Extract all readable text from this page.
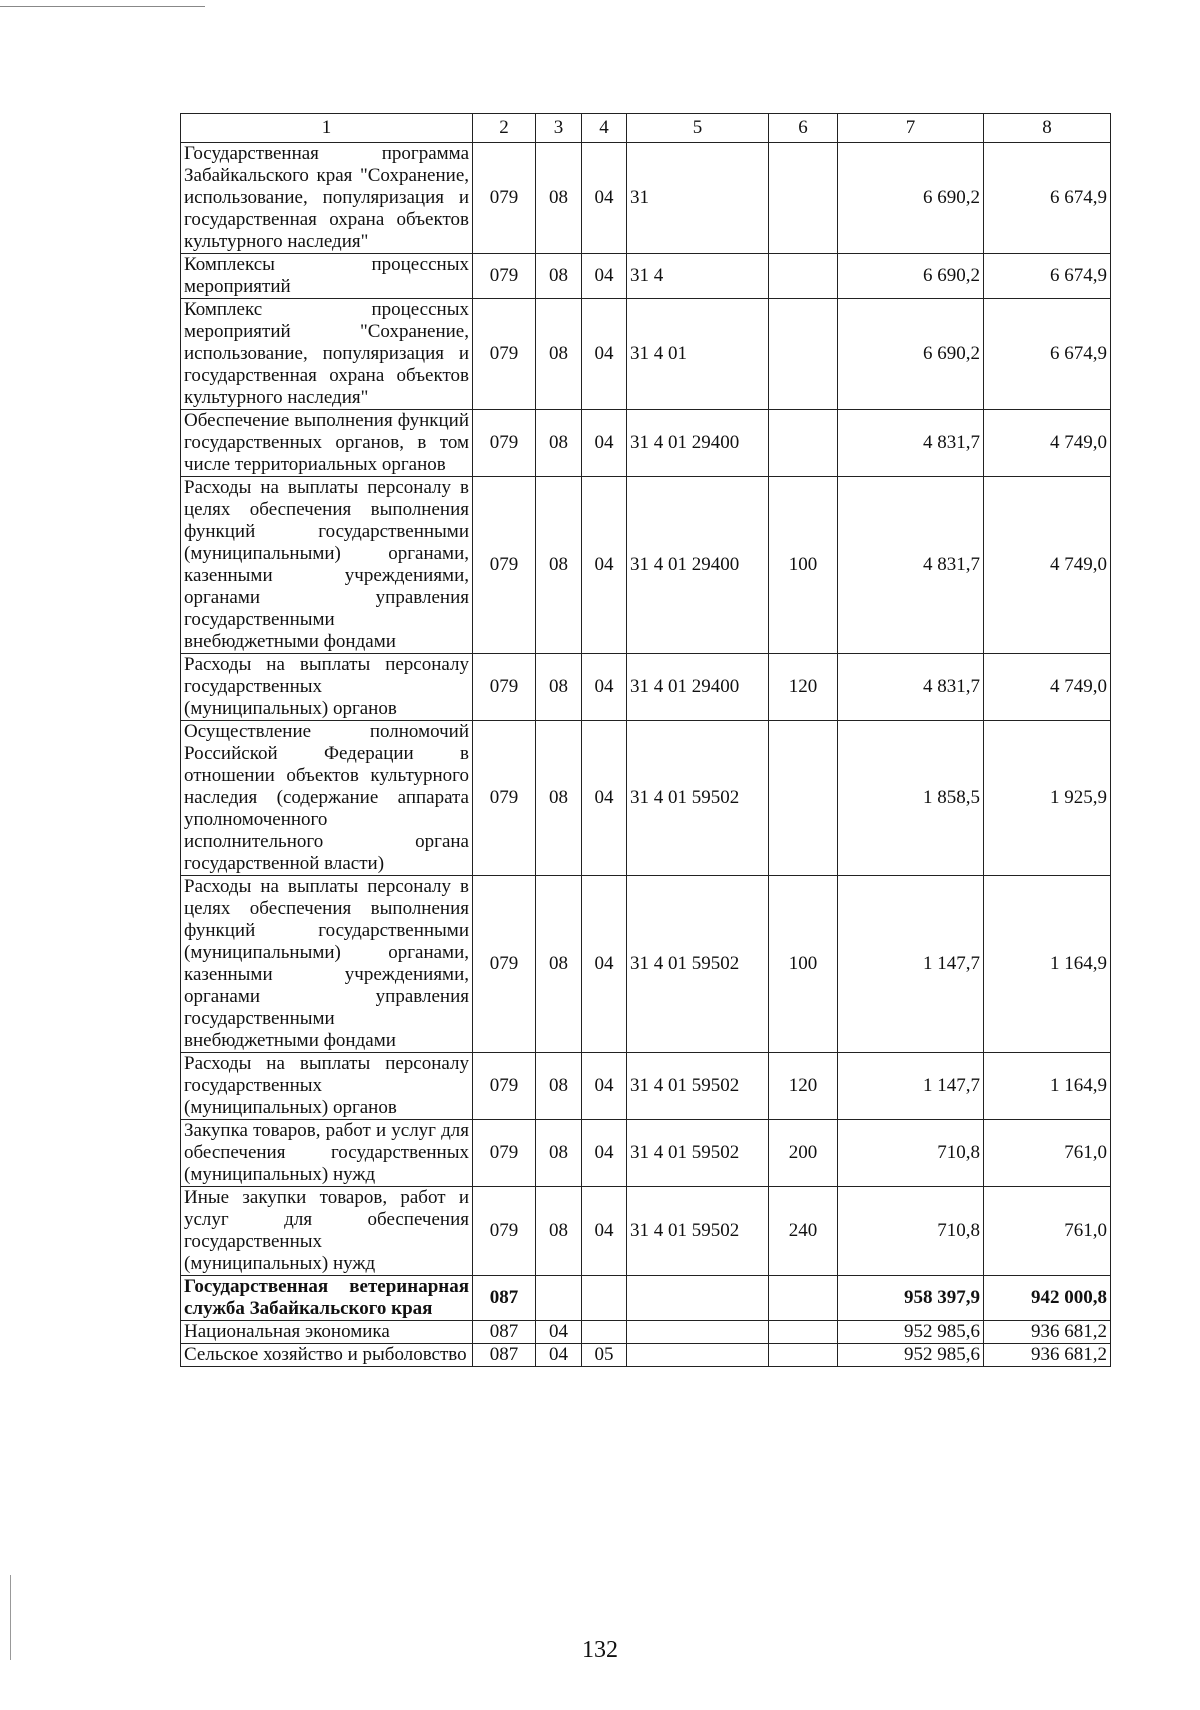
1	2	3	4	5	6	7	8
Государственная программа Забайкальского края "Сохранение, использование, популяризация и государственная охрана объектов культурного наследия"	079	08	04	31		6 690,2	6 674,9
Комплексы процессных мероприятий	079	08	04	31 4		6 690,2	6 674,9
Комплекс процессных мероприятий "Сохранение, использование, популяризация и государственная охрана объектов культурного наследия"	079	08	04	31 4 01		6 690,2	6 674,9
Обеспечение выполнения функций государственных органов, в том числе территориальных органов	079	08	04	31 4 01 29400		4 831,7	4 749,0
Расходы на выплаты персоналу в целях обеспечения выполнения функций государственными (муниципальными) органами, казенными учреждениями, органами управления государственными внебюджетными фондами	079	08	04	31 4 01 29400	100	4 831,7	4 749,0
Расходы на выплаты персоналу государственных (муниципальных) органов	079	08	04	31 4 01 29400	120	4 831,7	4 749,0
Осуществление полномочий Российской Федерации в отношении объектов культурного наследия (содержание аппарата уполномоченного исполнительного органа государственной власти)	079	08	04	31 4 01 59502		1 858,5	1 925,9
Расходы на выплаты персоналу в целях обеспечения выполнения функций государственными (муниципальными) органами, казенными учреждениями, органами управления государственными внебюджетными фондами	079	08	04	31 4 01 59502	100	1 147,7	1 164,9
Расходы на выплаты персоналу государственных (муниципальных) органов	079	08	04	31 4 01 59502	120	1 147,7	1 164,9
Закупка товаров, работ и услуг для обеспечения государственных (муниципальных) нужд	079	08	04	31 4 01 59502	200	710,8	761,0
Иные закупки товаров, работ и услуг для обеспечения государственных (муниципальных) нужд	079	08	04	31 4 01 59502	240	710,8	761,0
Государственная ветеринарная служба Забайкальского края	087					958 397,9	942 000,8
Национальная экономика	087	04				952 985,6	936 681,2
Сельское хозяйство и рыболовство	087	04	05			952 985,6	936 681,2
132
